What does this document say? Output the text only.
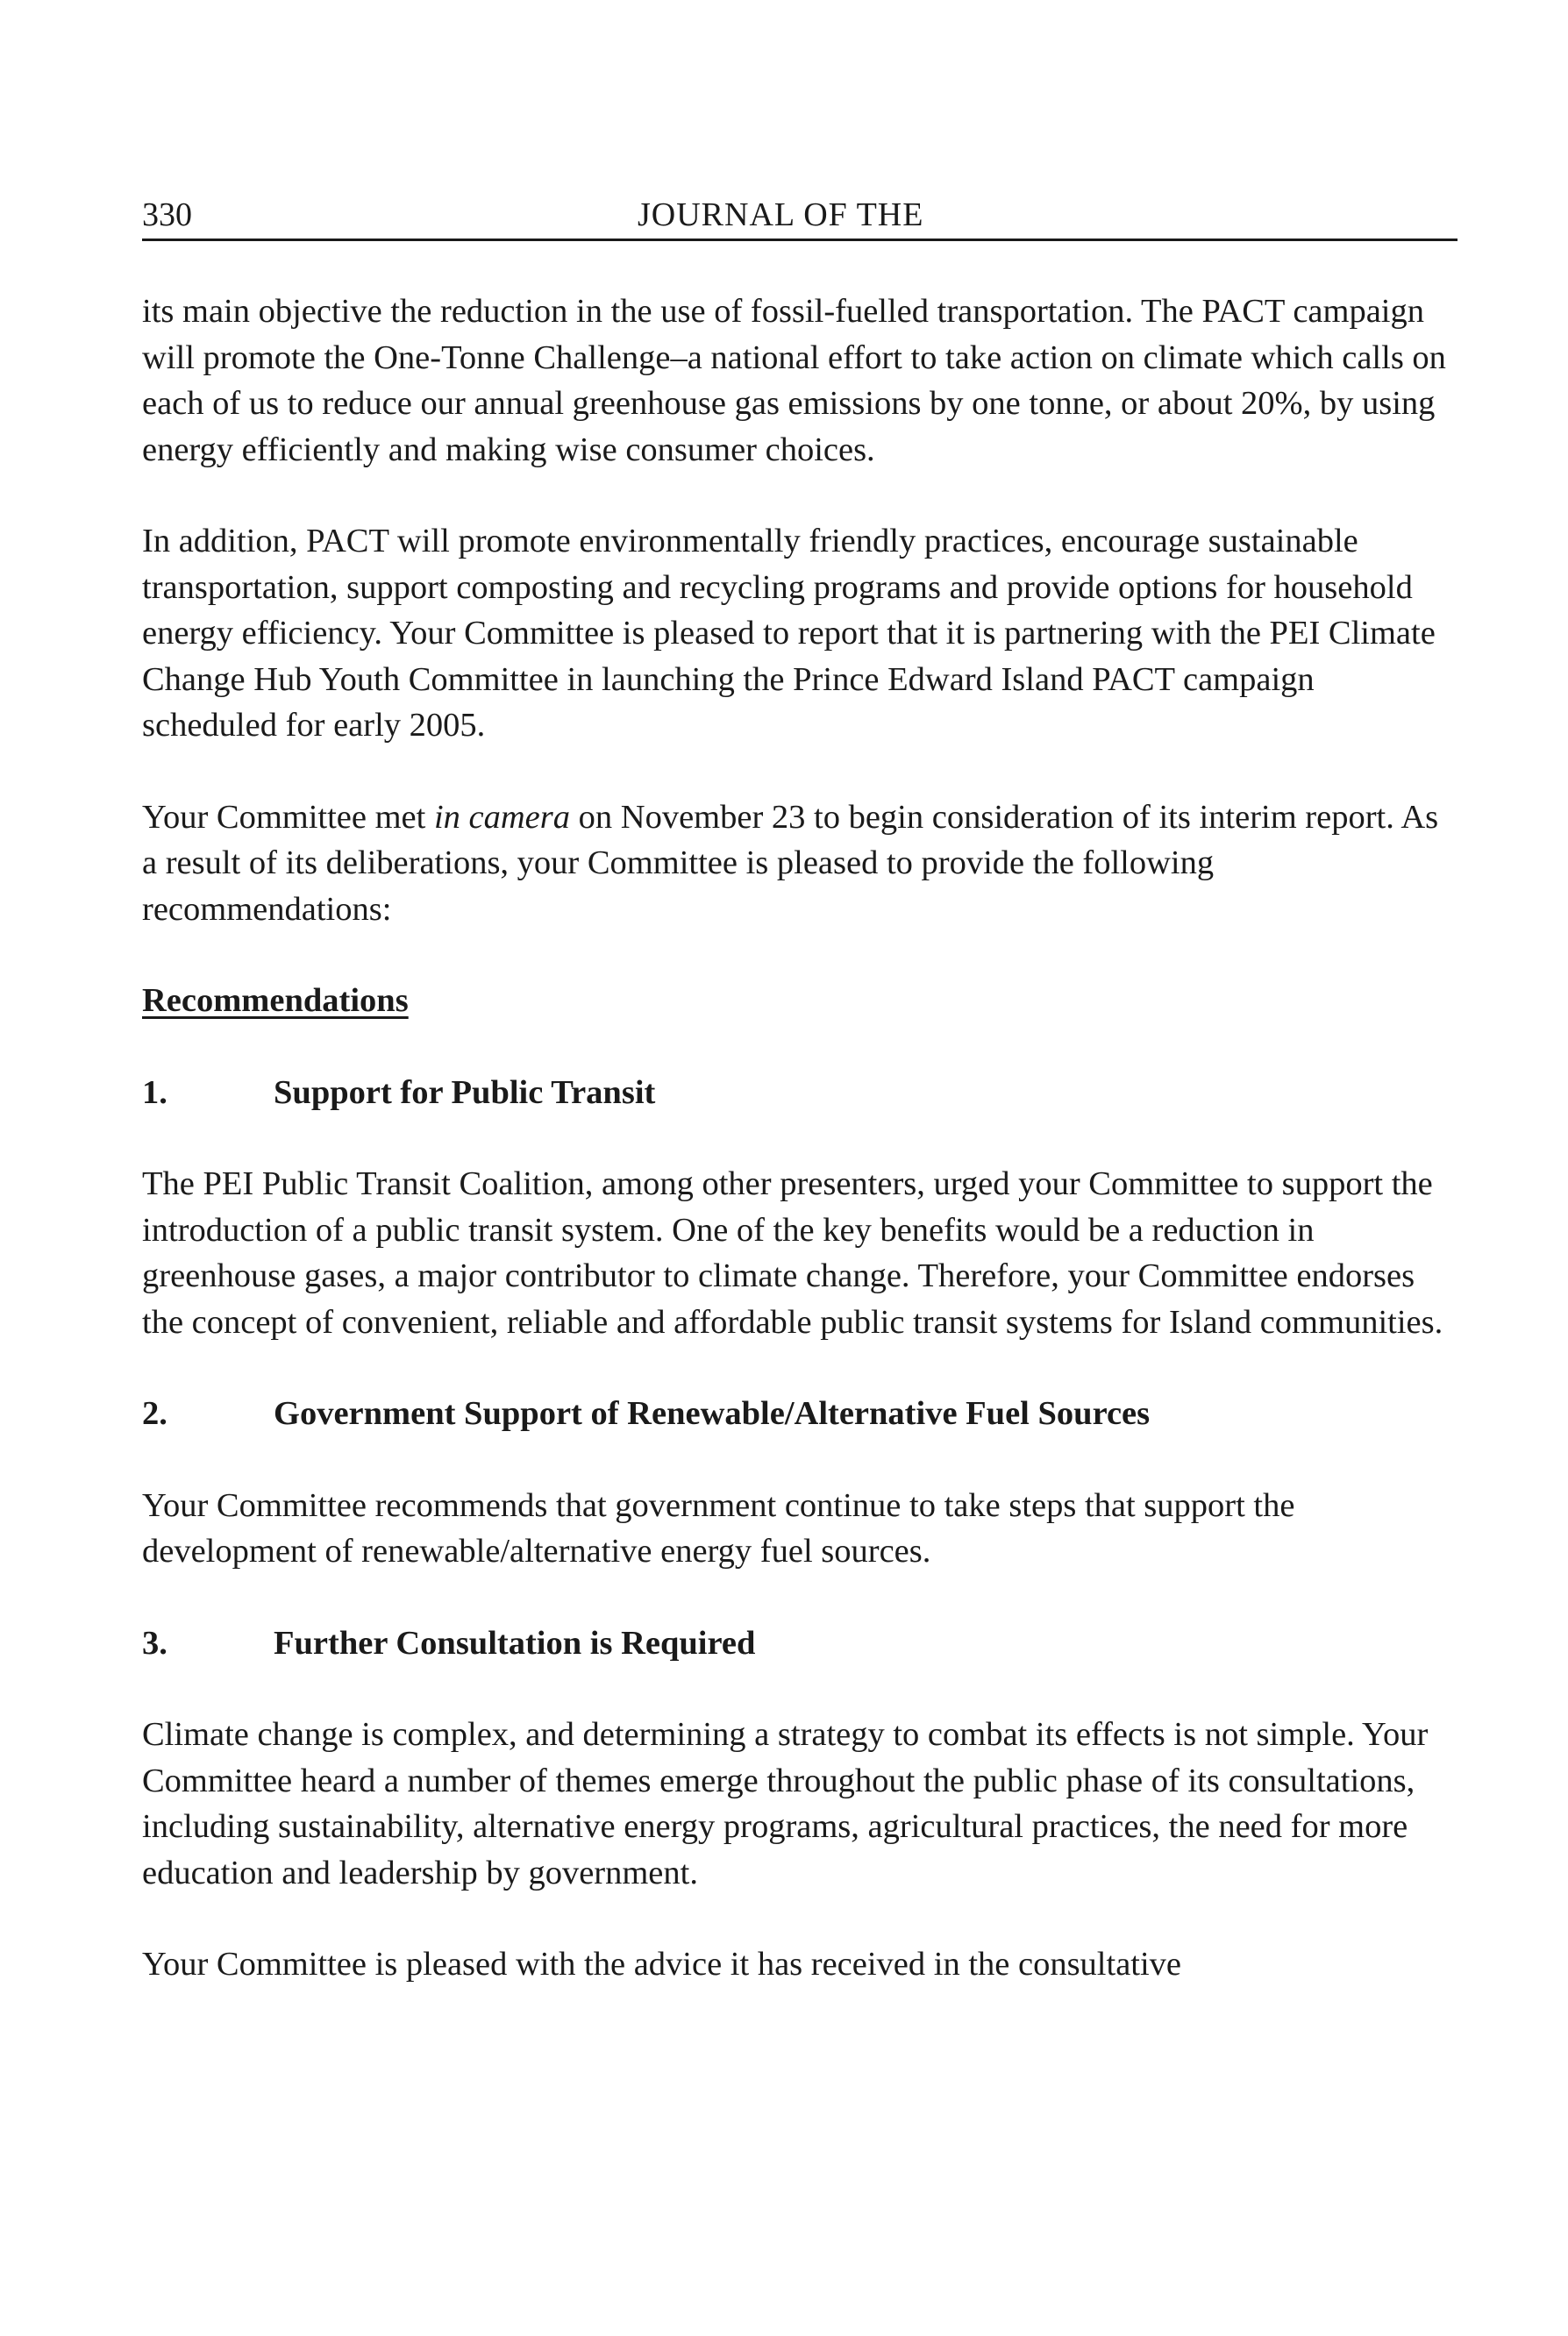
330	JOURNAL OF THE

its main objective the reduction in the use of fossil-fuelled transportation. The PACT campaign will promote the One-Tonne Challenge–a national effort to take action on climate which calls on each of us to reduce our annual greenhouse gas emissions by one tonne, or about 20%, by using energy efficiently and making wise consumer choices.

In addition, PACT will promote environmentally friendly practices, encourage sustainable transportation, support composting and recycling programs and provide options for household energy efficiency. Your Committee is pleased to report that it is partnering with the PEI Climate Change Hub Youth Committee in launching the Prince Edward Island PACT campaign scheduled for early 2005.

Your Committee met in camera on November 23 to begin consideration of its interim report. As a result of its deliberations, your Committee is pleased to provide the following recommendations:

Recommendations
1.	Support for Public Transit

The PEI Public Transit Coalition, among other presenters, urged your Committee to support the introduction of a public transit system. One of the key benefits would be a reduction in greenhouse gases, a major contributor to climate change. Therefore, your Committee endorses the concept of convenient, reliable and affordable public transit systems for Island communities.

2.	Government Support of Renewable/Alternative Fuel Sources

Your Committee recommends that government continue to take steps that support the development of renewable/alternative energy fuel sources.

3.	Further Consultation is Required

Climate change is complex, and determining a strategy to combat its effects is not simple. Your Committee heard a number of themes emerge throughout the public phase of its consultations, including sustainability, alternative energy programs, agricultural practices, the need for more education and leadership by government.

Your Committee is pleased with the advice it has received in the consultative
